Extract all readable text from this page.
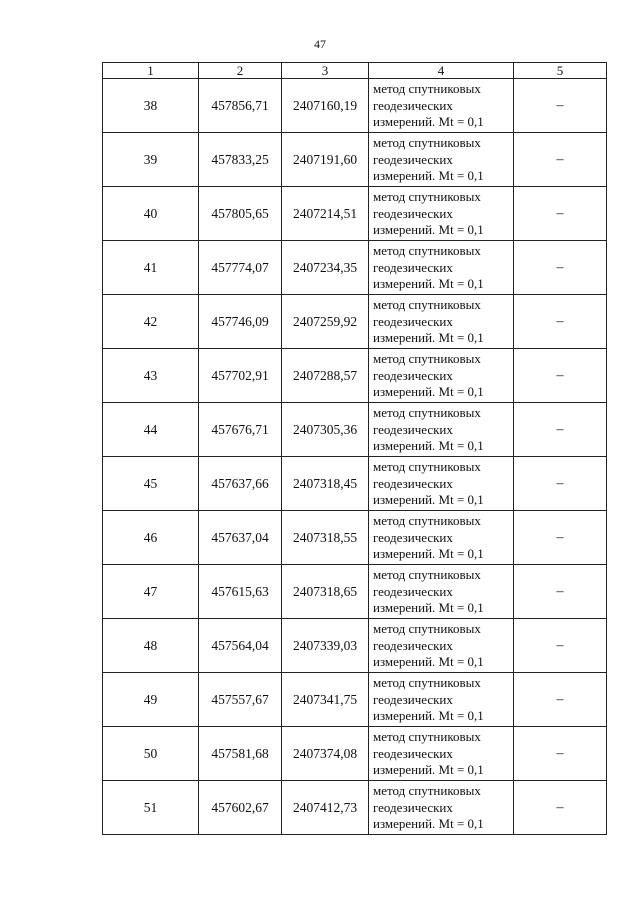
47
1	2	3	4	5
38	457856,71	2407160,19	метод спутниковых
геодезических
измерений. Mt = 0,1	–
39	457833,25	2407191,60	метод спутниковых
геодезических
измерений. Mt = 0,1	–
40	457805,65	2407214,51	метод спутниковых
геодезических
измерений. Mt = 0,1	–
41	457774,07	2407234,35	метод спутниковых
геодезических
измерений. Mt = 0,1	–
42	457746,09	2407259,92	метод спутниковых
геодезических
измерений. Mt = 0,1	–
43	457702,91	2407288,57	метод спутниковых
геодезических
измерений. Mt = 0,1	–
44	457676,71	2407305,36	метод спутниковых
геодезических
измерений. Mt = 0,1	–
45	457637,66	2407318,45	метод спутниковых
геодезических
измерений. Mt = 0,1	–
46	457637,04	2407318,55	метод спутниковых
геодезических
измерений. Mt = 0,1	–
47	457615,63	2407318,65	метод спутниковых
геодезических
измерений. Mt = 0,1	–
48	457564,04	2407339,03	метод спутниковых
геодезических
измерений. Mt = 0,1	–
49	457557,67	2407341,75	метод спутниковых
геодезических
измерений. Mt = 0,1	–
50	457581,68	2407374,08	метод спутниковых
геодезических
измерений. Mt = 0,1	–
51	457602,67	2407412,73	метод спутниковых
геодезических
измерений. Mt = 0,1	–
